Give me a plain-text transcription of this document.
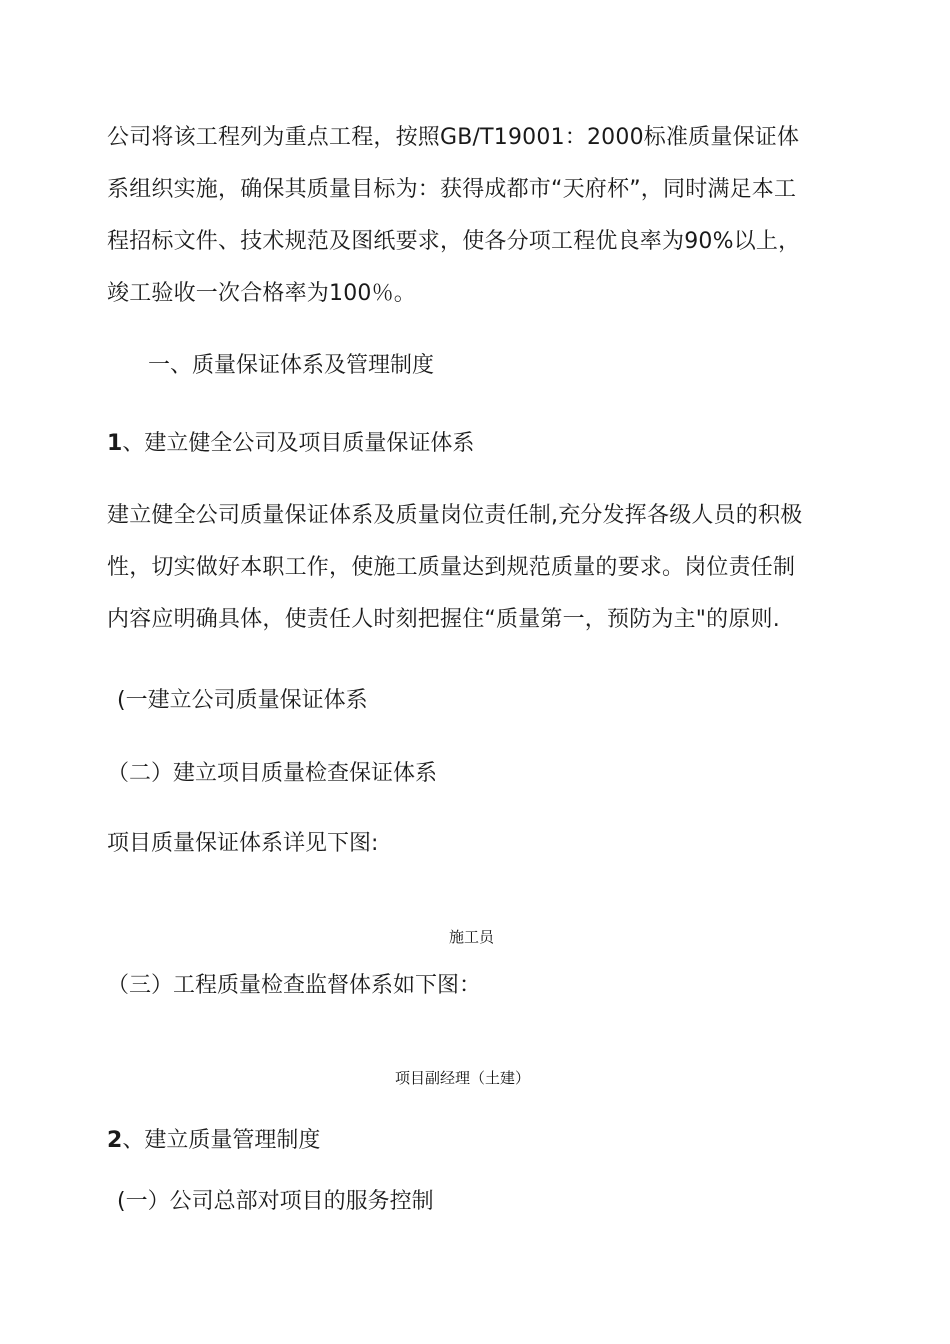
公司将该工程列为重点工程，按照GB/T19001：2000标准质量保证体
系组织实施，确保其质量目标为：获得成都市“天府杯”，同时满足本工
程招标文件、技术规范及图纸要求，使各分项工程优良率为90%以上，
竣工验收一次合格率为100％。
一、质量保证体系及管理制度
1、建立健全公司及项目质量保证体系
建立健全公司质量保证体系及质量岗位责任制,充分发挥各级人员的积极
性，切实做好本职工作，使施工质量达到规范质量的要求。岗位责任制
内容应明确具体，使责任人时刻把握住“质量第一，预防为主"的原则.
(一建立公司质量保证体系
（二）建立项目质量检查保证体系
项目质量保证体系详见下图:
施工员
（三）工程质量检查监督体系如下图：
项目副经理（土建）
2、建立质量管理制度
(一）公司总部对项目的服务控制
